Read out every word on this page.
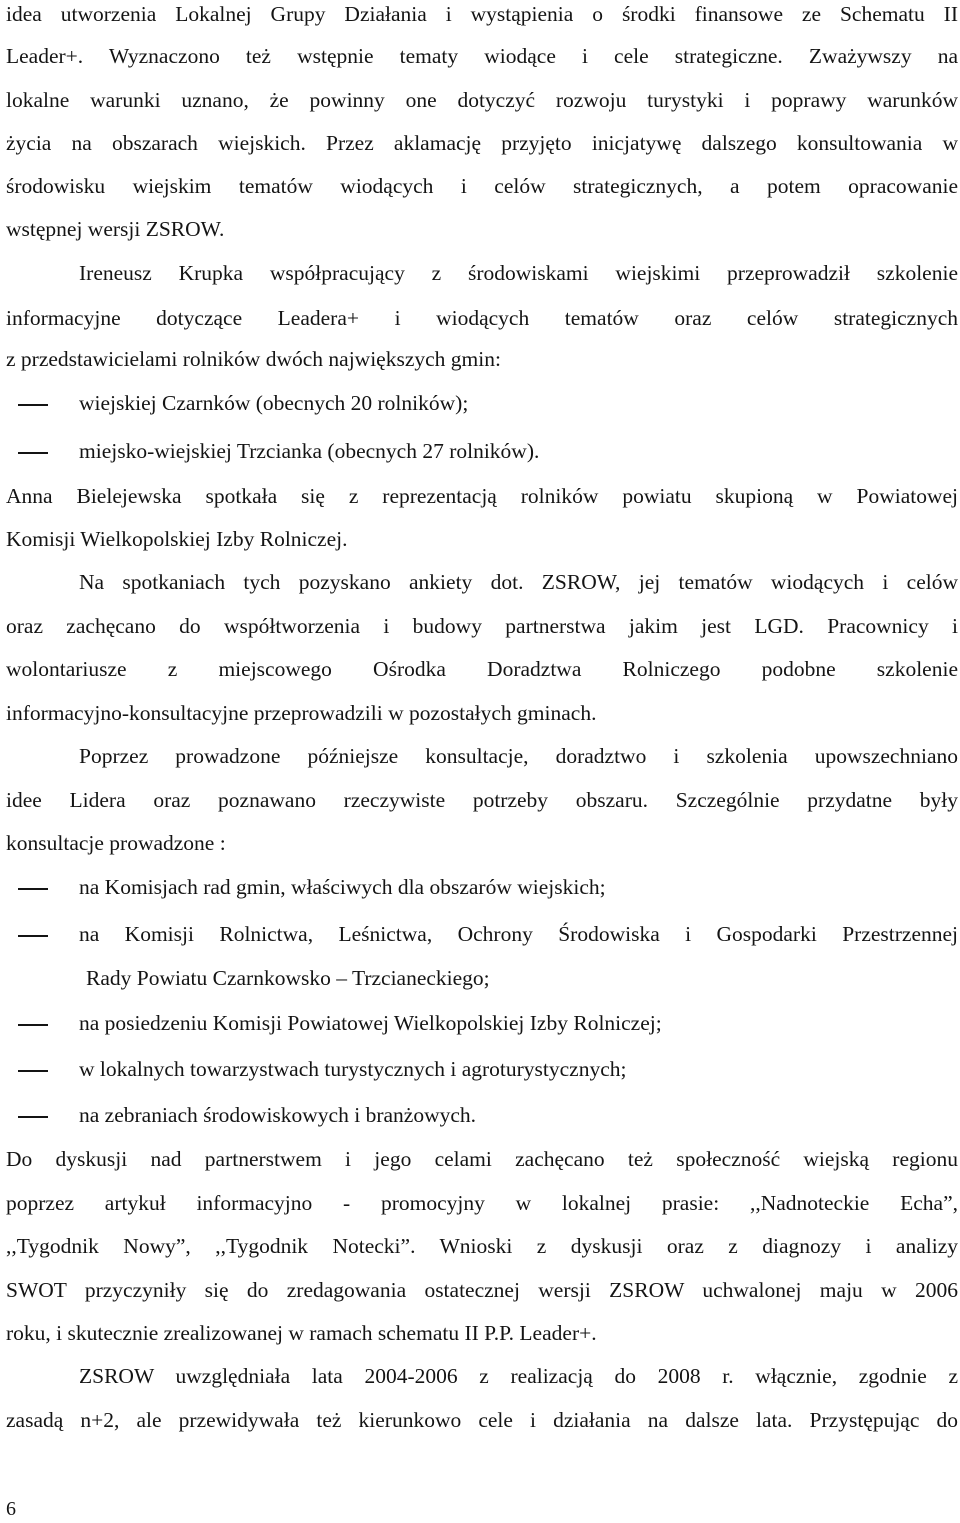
idea utworzenia Lokalnej Grupy Działania i wystąpienia o środki finansowe ze Schematu II
Leader+. Wyznaczono też wstępnie tematy wiodące i cele strategiczne. Zważywszy na
lokalne warunki uznano, że powinny one dotyczyć rozwoju turystyki i poprawy warunków
życia na obszarach wiejskich. Przez aklamację przyjęto inicjatywę dalszego konsultowania w
środowisku wiejskim tematów wiodących i celów strategicznych, a potem opracowanie
wstępnej wersji ZSROW.
Ireneusz Krupka współpracujący z środowiskami wiejskimi przeprowadził szkolenie
informacyjne dotyczące Leadera+ i wiodących tematów oraz celów strategicznych
z przedstawicielami rolników dwóch największych gmin:
wiejskiej Czarnków (obecnych 20 rolników);
miejsko-wiejskiej Trzcianka (obecnych 27 rolników).
Anna Bielejewska spotkała się z reprezentacją rolników powiatu skupioną w Powiatowej
Komisji Wielkopolskiej Izby Rolniczej.
Na spotkaniach tych pozyskano ankiety dot. ZSROW, jej tematów wiodących i celów
oraz zachęcano do współtworzenia i budowy partnerstwa jakim jest LGD. Pracownicy i
wolontariusze z miejscowego Ośrodka Doradztwa Rolniczego podobne szkolenie
informacyjno-konsultacyjne przeprowadzili w pozostałych gminach.
Poprzez prowadzone późniejsze konsultacje, doradztwo i szkolenia upowszechniano
idee Lidera oraz poznawano rzeczywiste potrzeby obszaru. Szczególnie przydatne były
konsultacje prowadzone :
na Komisjach rad gmin, właściwych dla obszarów wiejskich;
na Komisji Rolnictwa, Leśnictwa, Ochrony Środowiska i Gospodarki Przestrzennej
Rady Powiatu Czarnkowsko – Trzcianeckiego;
na posiedzeniu Komisji Powiatowej Wielkopolskiej Izby Rolniczej;
w lokalnych towarzystwach turystycznych i agroturystycznych;
na zebraniach środowiskowych i branżowych.
Do dyskusji nad partnerstwem i jego celami zachęcano też społeczność wiejską regionu
poprzez artykuł informacyjno - promocyjny w lokalnej prasie: ,,Nadnoteckie Echa”,
,,Tygodnik Nowy”, ,,Tygodnik Notecki”. Wnioski z dyskusji oraz z diagnozy i analizy
SWOT przyczyniły się do zredagowania ostatecznej wersji ZSROW uchwalonej maju w 2006
roku, i skutecznie zrealizowanej w ramach schematu II P.P. Leader+.
ZSROW uwzględniała lata 2004-2006 z realizacją do 2008 r. włącznie, zgodnie z
zasadą n+2, ale przewidywała też kierunkowo cele i działania na dalsze lata. Przystępując do
6
